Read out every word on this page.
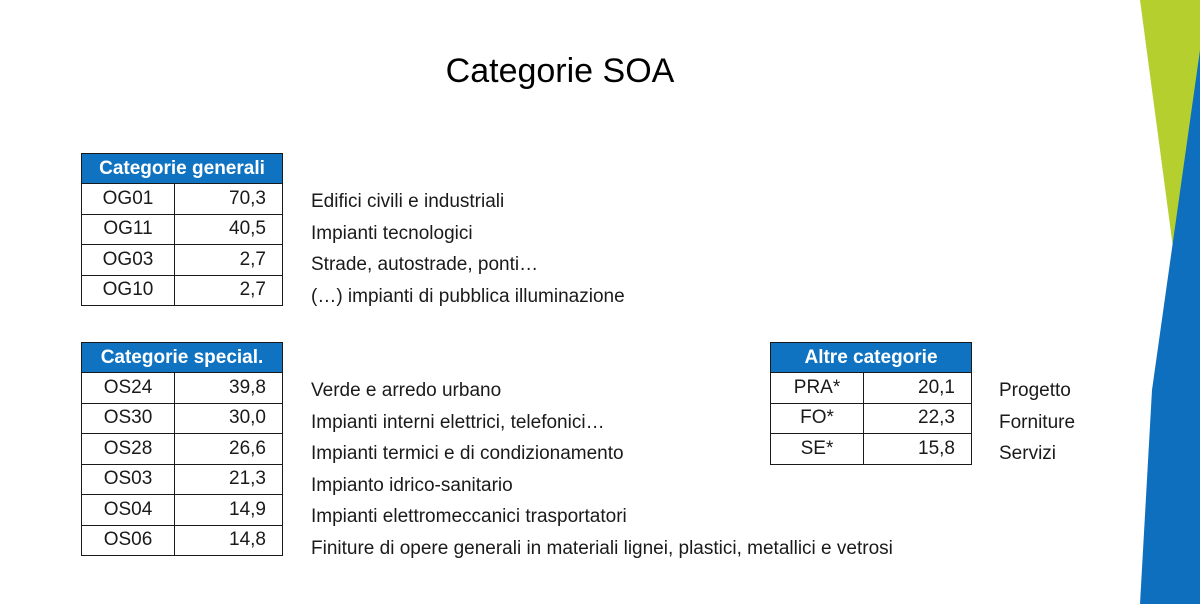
Categorie SOA
Categorie generali	
OG01	70,3
OG11	40,5
OG03	2,7
OG10	2,7
Edifici civili e industriali
Impianti tecnologici
Strade, autostrade, ponti…
(…) impianti di pubblica illuminazione
Categorie special.	
OS24	39,8
OS30	30,0
OS28	26,6
OS03	21,3
OS04	14,9
OS06	14,8
Verde e arredo urbano
Impianti interni elettrici, telefonici…
Impianti termici e di condizionamento
Impianto idrico-sanitario
Impianti elettromeccanici trasportatori
Finiture di opere generali in materiali lignei, plastici, metallici e vetrosi
Altre categorie	
PRA*	20,1
FO*	22,3
SE*	15,8
Progetto
Forniture
Servizi
